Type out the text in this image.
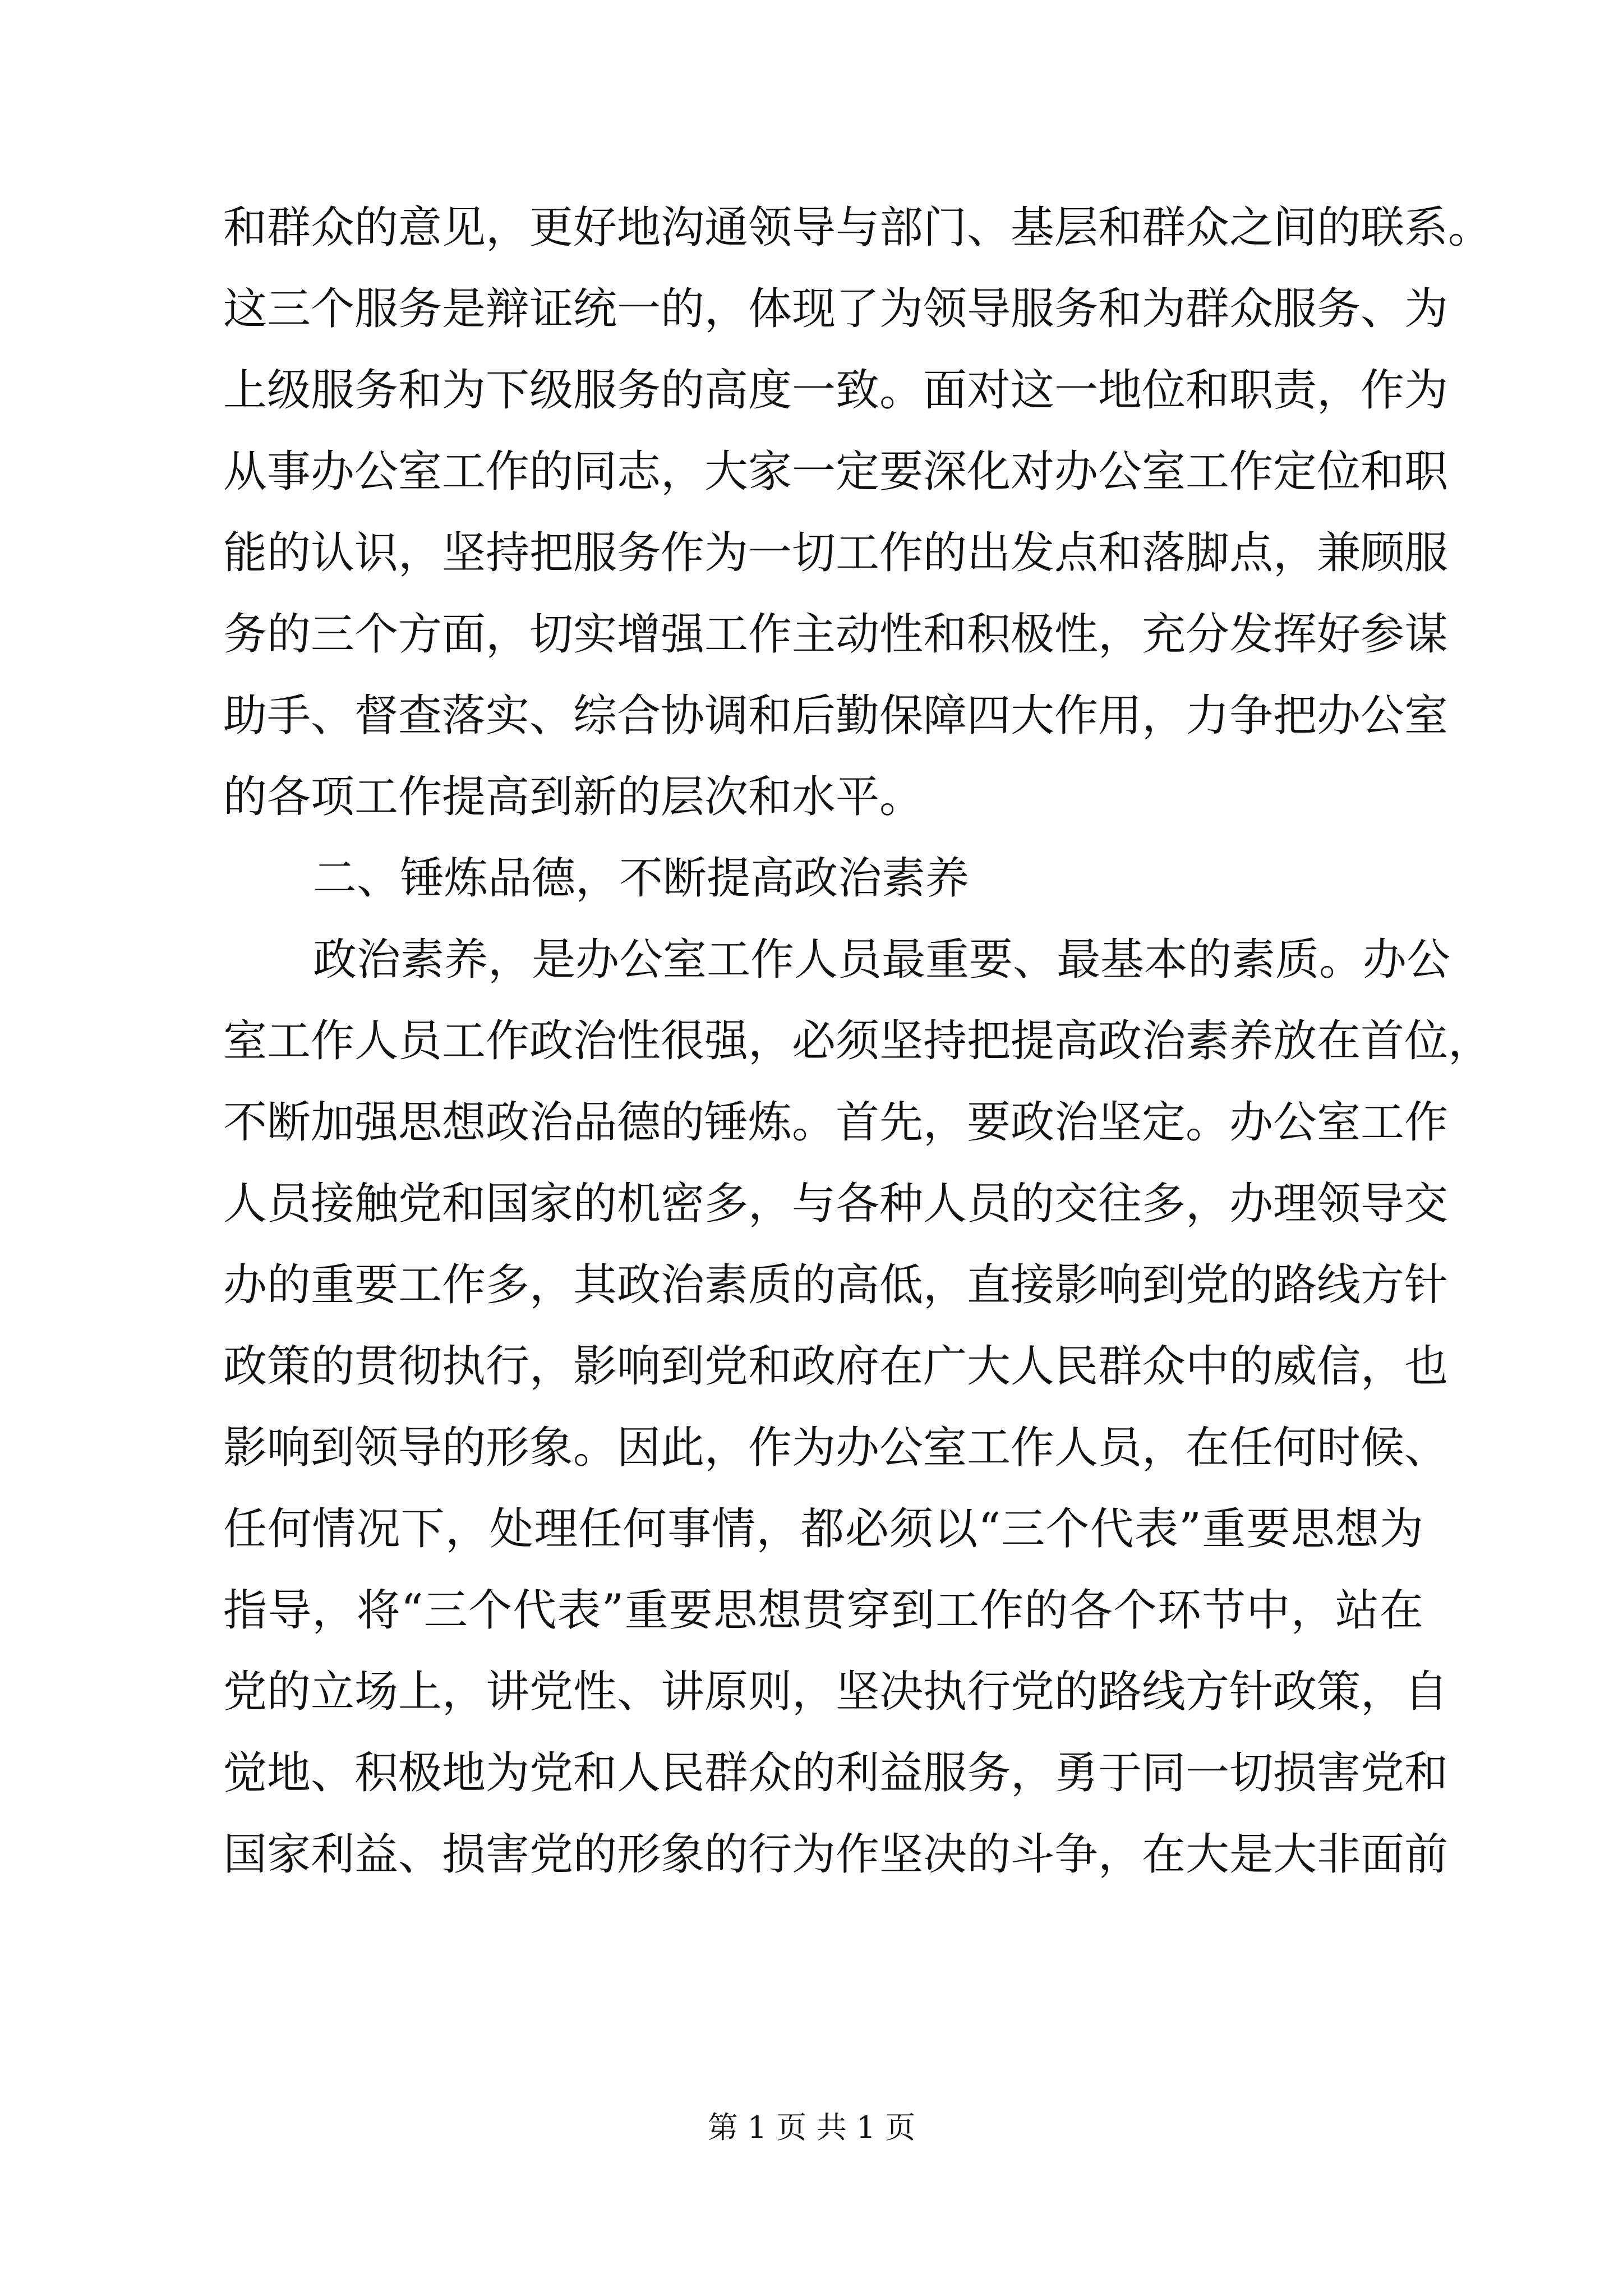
和群众的意见，更好地沟通领导与部门、基层和群众之间的联系。
这三个服务是辩证统一的，体现了为领导服务和为群众服务、为
上级服务和为下级服务的高度一致。面对这一地位和职责，作为
从事办公室工作的同志，大家一定要深化对办公室工作定位和职
能的认识，坚持把服务作为一切工作的出发点和落脚点，兼顾服
务的三个方面，切实增强工作主动性和积极性，充分发挥好参谋
助手、督查落实、综合协调和后勤保障四大作用，力争把办公室
的各项工作提高到新的层次和水平。
二、锤炼品德，不断提高政治素养
政治素养，是办公室工作人员最重要、最基本的素质。办公
室工作人员工作政治性很强，必须坚持把提高政治素养放在首位，
不断加强思想政治品德的锤炼。首先，要政治坚定。办公室工作
人员接触党和国家的机密多，与各种人员的交往多，办理领导交
办的重要工作多，其政治素质的高低，直接影响到党的路线方针
政策的贯彻执行，影响到党和政府在广大人民群众中的威信，也
影响到领导的形象。因此，作为办公室工作人员，在任何时候、
任何情况下，处理任何事情，都必须以“三个代表”重要思想为
指导，将“三个代表”重要思想贯穿到工作的各个环节中，站在
党的立场上，讲党性、讲原则，坚决执行党的路线方针政策，自
觉地、积极地为党和人民群众的利益服务，勇于同一切损害党和
国家利益、损害党的形象的行为作坚决的斗争，在大是大非面前
第 1 页 共 1 页
